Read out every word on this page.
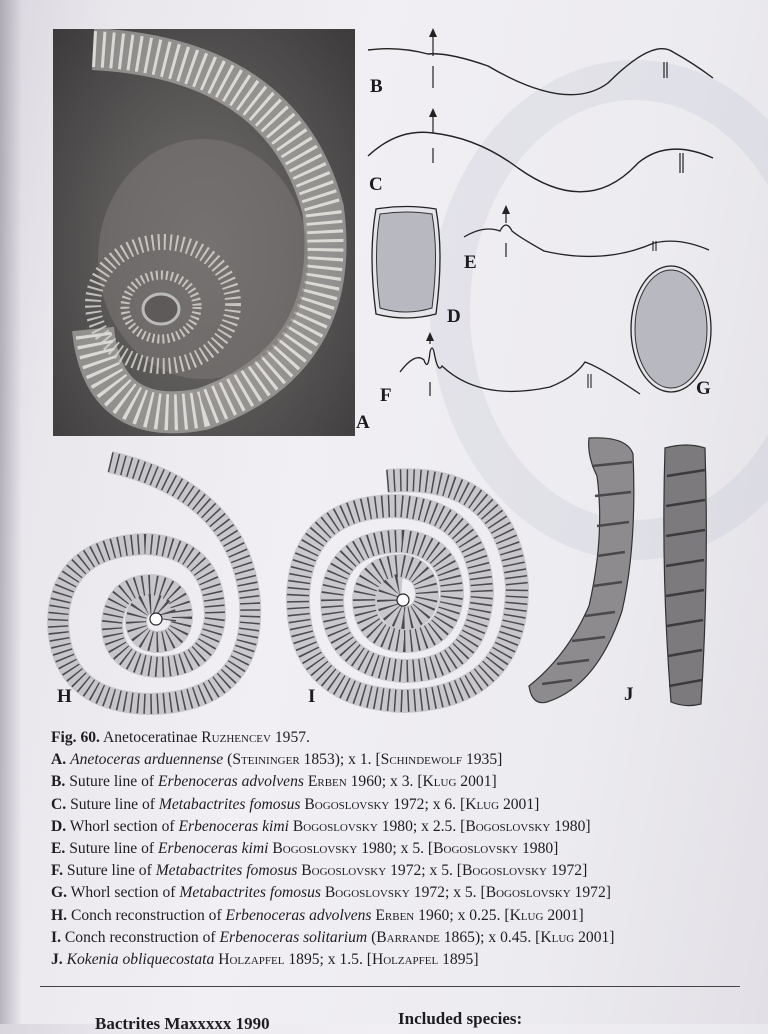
A
B
C
D
E
G
F
H	I	J

Fig. 60. Anetoceratinae Ruzhencev 1957.

A. Anetoceras arduennense (Steininger 1853); x 1. [Schindewolf 1935]

B. Suture line of Erbenoceras advolvens Erben 1960; x 3. [Klug 2001]

C. Suture line of Metabactrites fomosus Bogoslovsky 1972; x 6. [Klug 2001]

D. Whorl section of Erbenoceras kimi Bogoslovsky 1980; x 2.5. [Bogoslovsky 1980]

E. Suture line of Erbenoceras kimi Bogoslovsky 1980; x 5. [Bogoslovsky 1980]

F. Suture line of Metabactrites fomosus Bogoslovsky 1972; x 5. [Bogoslovsky 1972]

G. Whorl section of Metabactrites fomosus Bogoslovsky 1972; x 5. [Bogoslovsky 1972]

H. Conch reconstruction of Erbenoceras advolvens Erben 1960; x 0.25. [Klug 2001]

I. Conch reconstruction of Erbenoceras solitarium (Barrande 1865); x 0.45. [Klug 2001]

J. Kokenia obliquecostata Holzapfel 1895; x 1.5. [Holzapfel 1895]

Bactrites Maxxxxx 1990	Included species:
